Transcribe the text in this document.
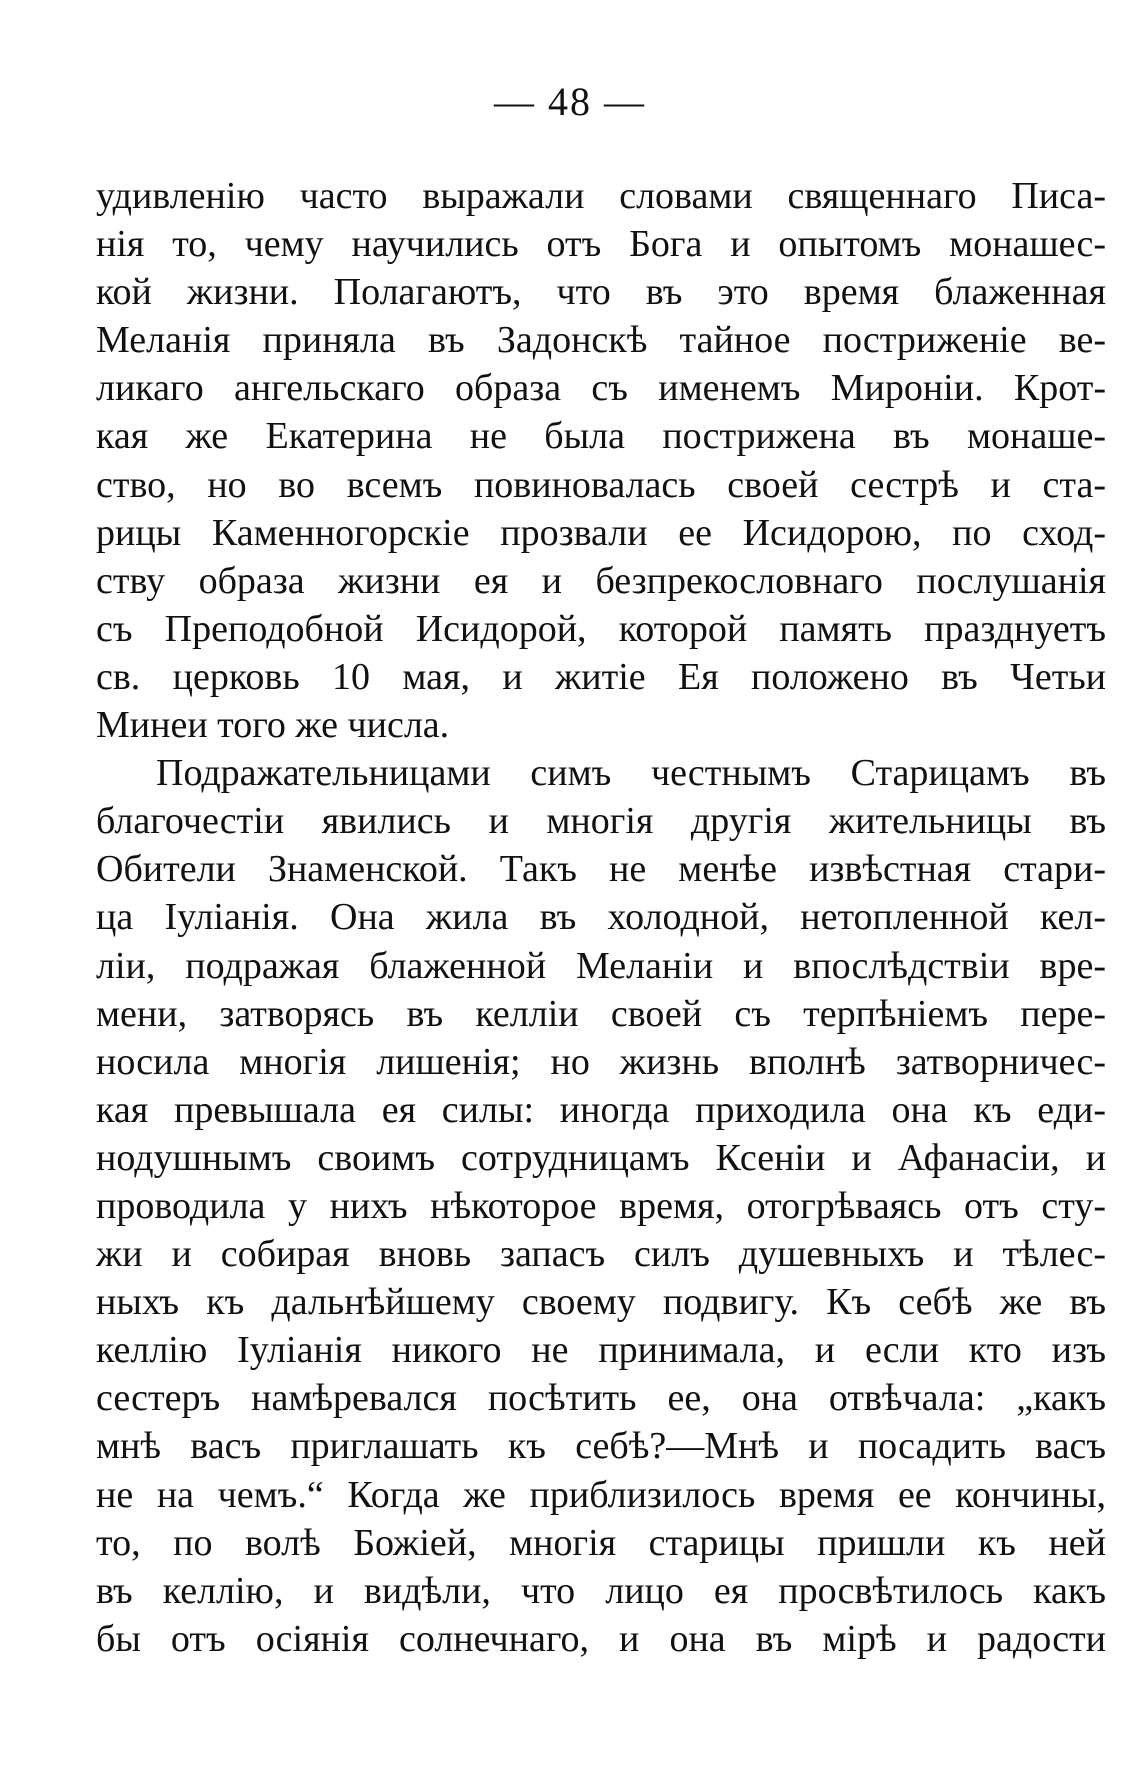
— 48 —
удивленію часто выражали словами священнаго Писа-
нія то, чему научились отъ Бога и опытомъ монашес-
кой жизни. Полагаютъ, что въ это время блаженная
Меланія приняла въ Задонскѣ тайное постриженіе ве-
ликаго ангельскаго образа съ именемъ Мироніи. Крот-
кая же Екатерина не была пострижена въ монаше-
ство, но во всемъ повиновалась своей сестрѣ и ста-
рицы Каменногорскіе прозвали ее Исидорою, по сход-
ству образа жизни ея и безпрекословнаго послушанія
съ Преподобной Исидорой, которой память празднуетъ
св. церковь 10 мая, и житіе Ея положено въ Четьи
Минеи того же числа.
Подражательницами симъ честнымъ Старицамъ въ
благочестіи явились и многія другія жительницы въ
Обители Знаменской. Такъ не менѣе извѣстная стари-
ца Іуліанія. Она жила въ холодной, нетопленной кел-
ліи, подражая блаженной Меланіи и впослѣдствіи вре-
мени, затворясь въ келліи своей съ терпѣніемъ пере-
носила многія лишенія; но жизнь вполнѣ затворничес-
кая превышала ея силы: иногда приходила она къ еди-
нодушнымъ своимъ сотрудницамъ Ксеніи и Афанасіи, и
проводила у нихъ нѣкоторое время, отогрѣваясь отъ сту-
жи и собирая вновь запасъ силъ душевныхъ и тѣлес-
ныхъ къ дальнѣйшему своему подвигу. Къ себѣ же въ
келлію Іуліанія никого не принимала, и если кто изъ
сестеръ намѣревался посѣтить ее, она отвѣчала: „какъ
мнѣ васъ приглашать къ себѣ?—Мнѣ и посадить васъ
не на чемъ.“ Когда же приблизилось время ее кончины,
то, по волѣ Божіей, многія старицы пришли къ ней
въ келлію, и видѣли, что лицо ея просвѣтилось какъ
бы отъ осіянія солнечнаго, и она въ мірѣ и радости
